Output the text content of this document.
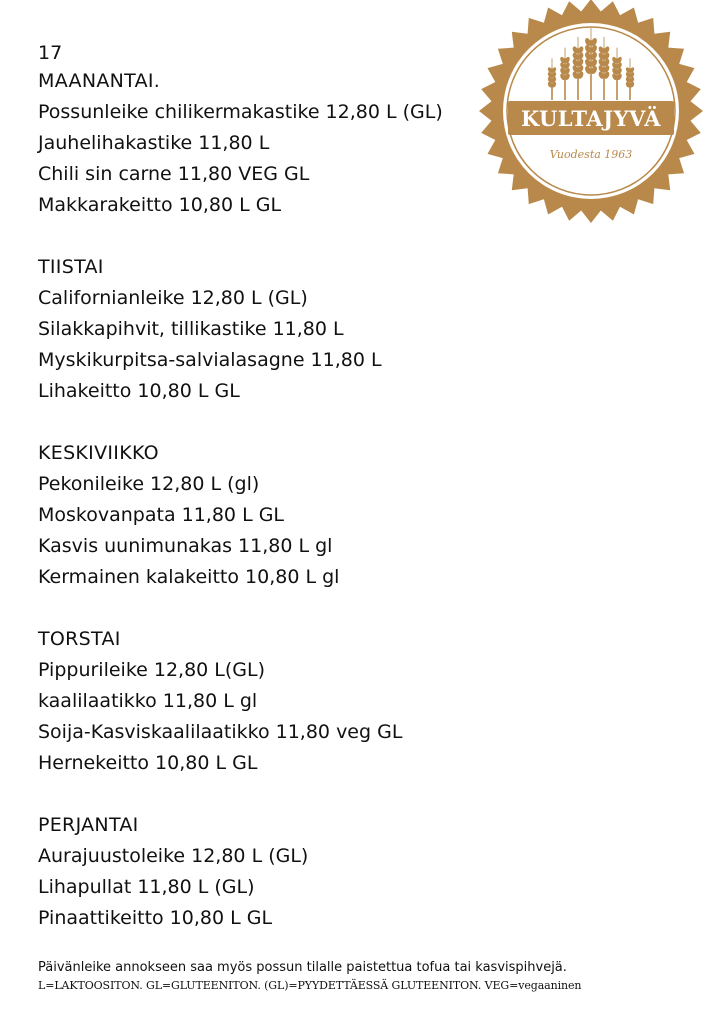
17
MAANANTAI.
Possunleike chilikermakastike 12,80 L (GL)
Jauhelihakastike 11,80 L
Chili sin carne 11,80 VEG GL
Makkarakeitto 10,80 L GL
TIISTAI
Californianleike 12,80 L (GL)
Silakkapihvit, tillikastike 11,80 L
Myskikurpitsa-salvialasagne 11,80 L
Lihakeitto 10,80 L GL
KESKIVIIKKO
Pekonileike 12,80 L (gl)
Moskovanpata 11,80 L GL
Kasvis uunimunakas 11,80 L gl
Kermainen kalakeitto 10,80 L gl
TORSTAI
Pippurileike 12,80 L(GL)
kaalilaatikko 11,80 L gl
Soija-Kasviskaalilaatikko 11,80 veg GL
Hernekeitto 10,80 L GL
PERJANTAI
Aurajuustoleike 12,80 L (GL)
Lihapullat 11,80 L (GL)
Pinaattikeitto 10,80 L GL
Päivänleike annokseen saa myös possun tilalle paistettua tofua tai kasvispihvejä.
L=LAKTOOSITON. GL=GLUTEENITON. (GL)=PYYDETTÄESSÄ GLUTEENITON. VEG=vegaaninen
KULTAJYVÄ
Vuodesta 1963
